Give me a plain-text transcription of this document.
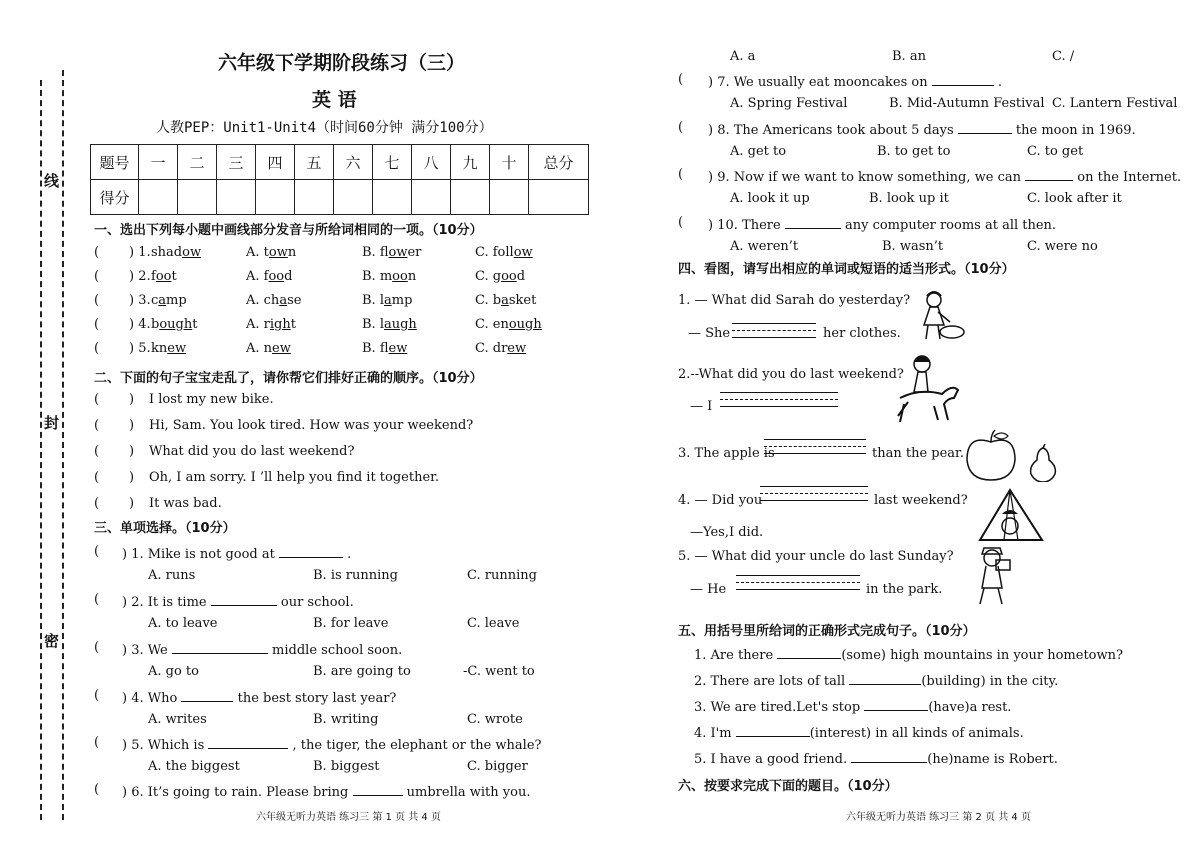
线
封
密
六年级下学期阶段练习（三）
英 语
人教PEP：Unit1-Unit4（时间60分钟 满分100分）
题号	一	二	三	四	五	六	七	八	九	十	总分
得分											
一、选出下列每小题中画线部分发音与所给词相同的一项。（10分）
( ) 1. shadow	A. town	B. flower	C. follow
( ) 2. foot	A. food	B. moon	C. good
( ) 3. camp	A. chase	B. lamp	C. basket
( ) 4. bought	A. right	B. laugh	C. enough
( ) 5. knew	A. new	B. flew	C. drew
二、下面的句子宝宝走乱了，请你帮它们排好正确的顺序。（10分）
( ) I lost my new bike.
( ) Hi, Sam. You look tired. How was your weekend?
( ) What did you do last weekend?
( ) Oh, I am sorry. I ’ll help you find it together.
( ) It was bad.
三、单项选择。（10分）
( ) 1. Mike is not good at	.
A. runs	B. is running	C. running
( ) 2. It is time	our school.
A. to leave	B. for leave	C. leave
( ) 3. We	middle school soon.
A. go to	B. are going to	-C. went to
( ) 4. Who	the best story last year?
A. writes	B. writing	C. wrote
( ) 5. Which is	, the tiger, the elephant or the whale?
A. the biggest	B. biggest	C. bigger
( ) 6. It’s going to rain. Please bring	umbrella with you.
A. a	B. an	C. /
( ) 7. We usually eat mooncakes on	.
A. Spring Festival	B. Mid-Autumn Festival C. Lantern Festival
( ) 8. The Americans took about 5 days	the moon in 1969.
A. get to	B. to get to	C. to get
( ) 9. Now if we want to know something, we can	on the Internet.
A. look it up	B. look up it	C. look after it
( ) 10. There	any computer rooms at all then.
A. weren’t	B. wasn’t	C. were no
四、看图，请写出相应的单词或短语的适当形式。（10分）
1. — What did Sarah do yesterday?
— She	her clothes.
2.--What did you do last weekend?
— I
3. The apple is	than the pear.
4. — Did you	last weekend?
—Yes,I did.
5. — What did your uncle do last Sunday?
— He	in the park.
五、用括号里所给词的正确形式完成句子。（10分）
1. Are there	(some) high mountains in your hometown?
2. There are lots of tall	(building) in the city.
3. We are tired.Let's stop	(have)a rest.
4. I'm	(interest) in all kinds of animals.
5. I have a good friend.	(he)name is Robert.
六、按要求完成下面的题目。（10分）
六年级无听力英语 练习三 第 1 页 共 4 页	六年级无听力英语 练习三 第 2 页 共 4 页
